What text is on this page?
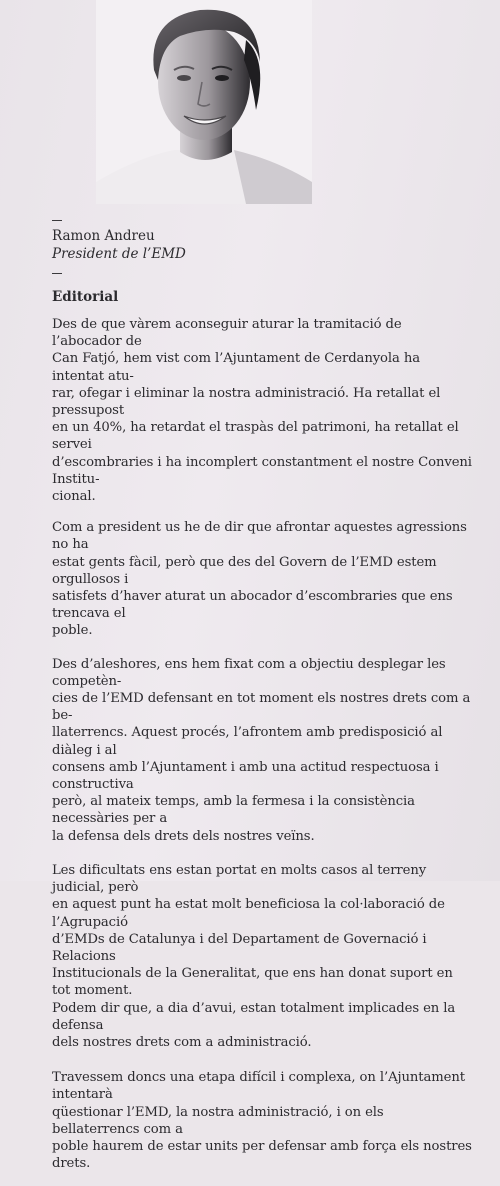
Ramon Andreu
President de l’EMD
Editorial

Des de que vàrem aconseguir aturar la tramitació de l’abocador de
Can Fatjó, hem vist com l’Ajuntament de Cerdanyola ha intentat atu-
rar, ofegar i eliminar la nostra administració. Ha retallat el pressupost
en un 40%, ha retardat el traspàs del patrimoni, ha retallat el servei
d’escombraries i ha incomplert constantment el nostre Conveni Institu-
cional.

Com a president us he de dir que afrontar aquestes agressions no ha
estat gents fàcil, però que des del Govern de l’EMD estem orgullosos i
satisfets d’haver aturat un abocador d’escombraries que ens trencava el
poble.

Des d’aleshores, ens hem fixat com a objectiu desplegar les competèn-
cies de l’EMD defensant en tot moment els nostres drets com a be-
llaterrencs. Aquest procés, l’afrontem amb predisposició al diàleg i al
consens amb l’Ajuntament i amb una actitud respectuosa i constructiva
però, al mateix temps, amb la fermesa i la consistència necessàries per a
la defensa dels drets dels nostres veïns.

Les dificultats ens estan portat en molts casos al terreny judicial, però
en aquest punt ha estat molt beneficiosa la col·laboració de l’Agrupació
d’EMDs de Catalunya i del Departament de Governació i Relacions
Institucionals de la Generalitat, que ens han donat suport en tot moment.
Podem dir que, a dia d’avui, estan totalment implicades en la defensa
dels nostres drets com a administració.

Travessem doncs una etapa difícil i complexa, on l’Ajuntament intentarà
qüestionar l’EMD, la nostra administració, i on els bellaterrencs com a
poble haurem de estar units per defensar amb força els nostres drets.
